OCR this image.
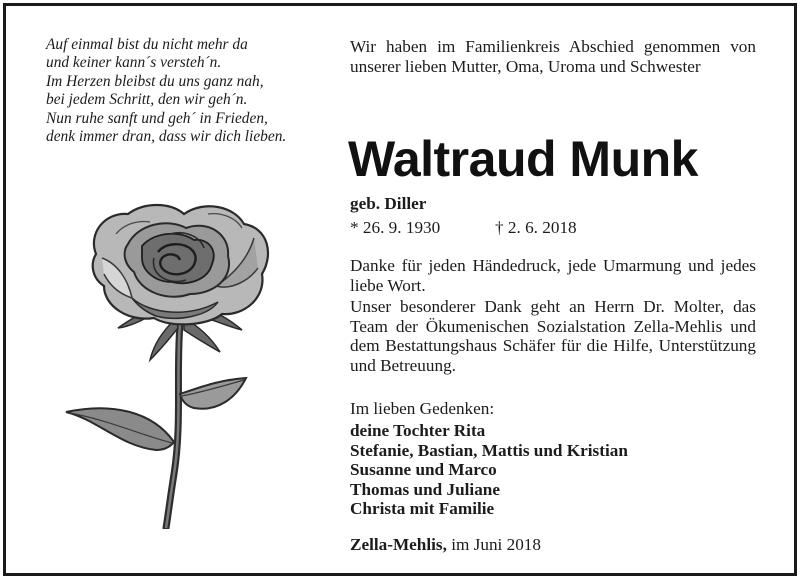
Auf einmal bist du nicht mehr da
und keiner kann´s versteh´n.
Im Herzen bleibst du uns ganz nah,
bei jedem Schritt, den wir geh´n.
Nun ruhe sanft und geh´ in Frieden,
denk immer dran, dass wir dich lieben.
Wir haben im Familienkreis Abschied genommen von unserer lieben Mutter, Oma, Uroma und Schwester
Waltraud Munk
geb. Diller
* 26. 9. 1930	† 2. 6. 2018
Danke für jeden Händedruck, jede Umarmung und jedes liebe Wort.
Unser besonderer Dank geht an Herrn Dr. Molter, das Team der Ökumenischen Sozialstation Zella-Mehlis und dem Bestattungshaus Schäfer für die Hilfe, Unterstützung und Betreuung.
Im lieben Gedenken:
deine Tochter Rita
Stefanie, Bastian, Mattis und Kristian
Susanne und Marco
Thomas und Juliane
Christa mit Familie
Zella-Mehlis, im Juni 2018
